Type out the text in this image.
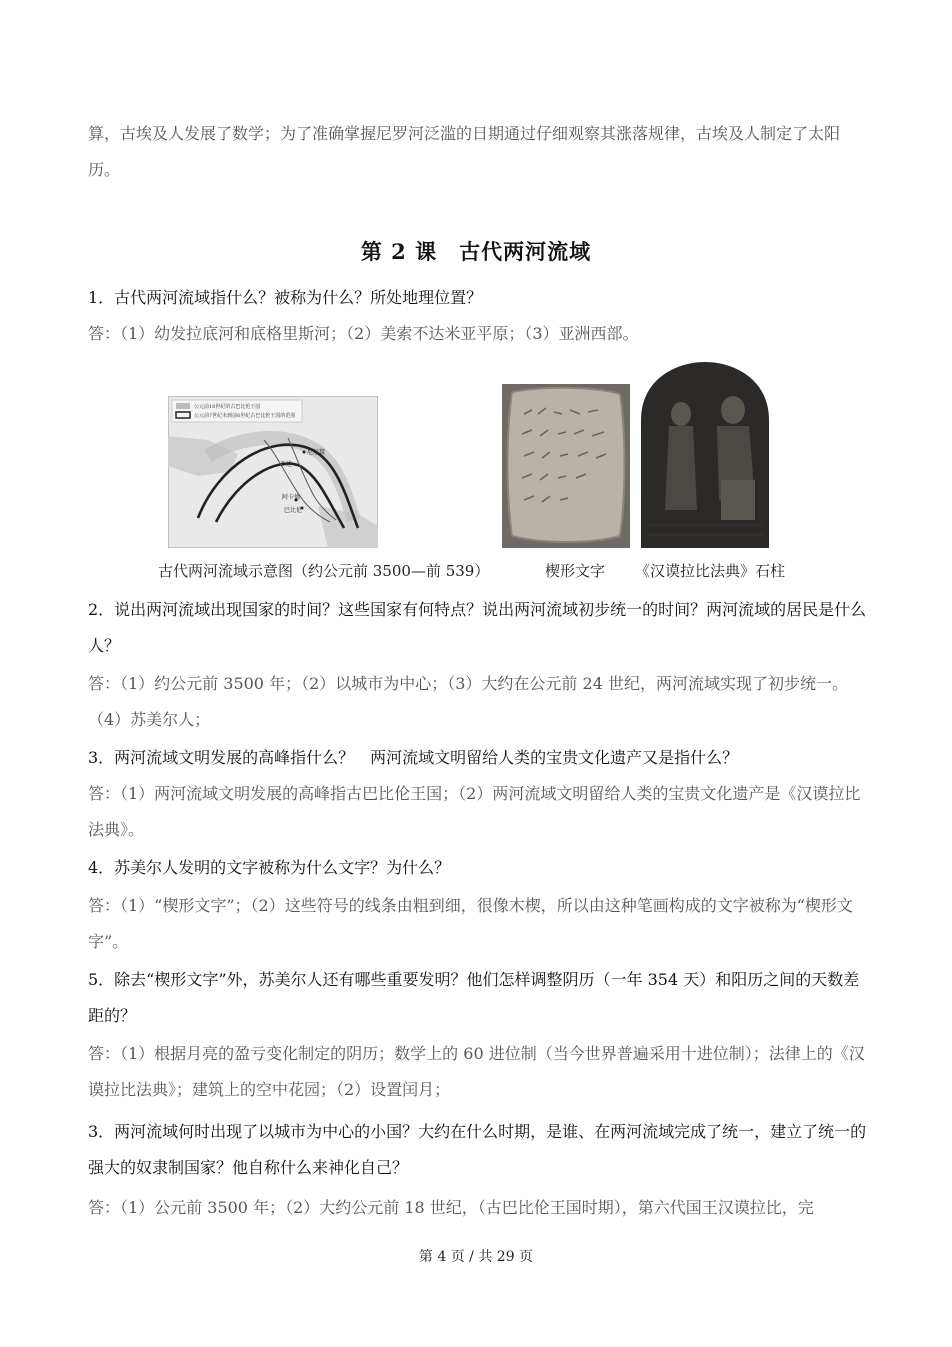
算，古埃及人发展了数学；为了准确掌握尼罗河泛滥的日期通过仔细观察其涨落规律，古埃及人制定了太阳历。

第 2 课　古代两河流域

1．古代两河流域指什么？被称为什么？所处地理位置？

答：（1）幼发拉底河和底格里斯河；（2）美索不达米亚平原；（3）亚洲西部。

公元前18世纪的古巴比伦王国
公元前7世纪末到前6世纪古巴比伦王国的范围
尼尼微
亚述
阿卡德
巴比伦
古代两河流域示意图（约公元前 3500—前 539）	楔形文字 《汉谟拉比法典》石柱

2．说出两河流域出现国家的时间？这些国家有何特点？说出两河流域初步统一的时间？两河流域的居民是什么人？

答：（1）约公元前 3500 年；（2）以城市为中心；（3）大约在公元前 24 世纪，两河流域实现了初步统一。（4）苏美尔人；

3．两河流域文明发展的高峰指什么？　两河流域文明留给人类的宝贵文化遗产又是指什么？

答：（1）两河流域文明发展的高峰指古巴比伦王国；（2）两河流域文明留给人类的宝贵文化遗产是《汉谟拉比法典》。

4．苏美尔人发明的文字被称为什么文字？为什么？

答：（1）“楔形文字”；（2）这些符号的线条由粗到细，很像木楔，所以由这种笔画构成的文字被称为“楔形文字”。

5．除去“楔形文字”外，苏美尔人还有哪些重要发明？他们怎样调整阴历（一年 354 天）和阳历之间的天数差距的？

答：（1）根据月亮的盈亏变化制定的阴历；数学上的 60 进位制（当今世界普遍采用十进位制）；法律上的《汉谟拉比法典》；建筑上的空中花园；（2）设置闰月；

3．两河流域何时出现了以城市为中心的小国？大约在什么时期，是谁、在两河流域完成了统一，建立了统一的强大的奴隶制国家？他自称什么来神化自己？

答：（1）公元前 3500 年；（2）大约公元前 18 世纪，（古巴比伦王国时期），第六代国王汉谟拉比，完

第 4 页 / 共 29 页
